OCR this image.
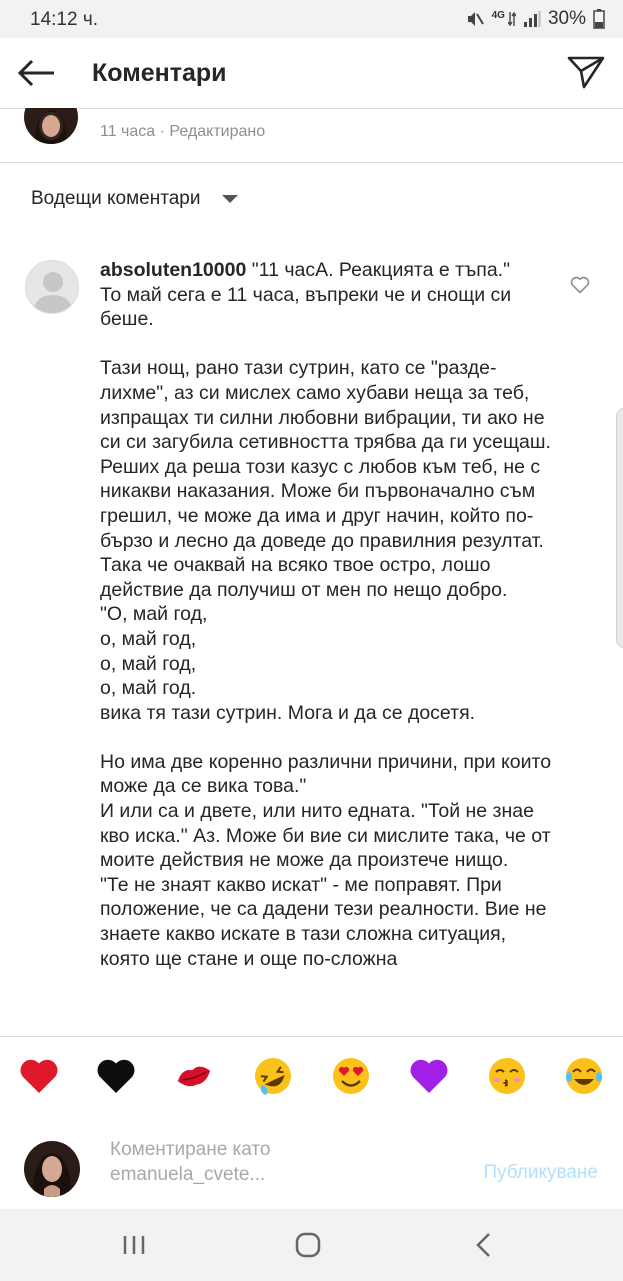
14:12 ч.	4G 30%
Коментари
11 часа · Редактирано
Водещи коментари
absoluten10000 "11 часА. Реакцията е тъпа."
То май сега е 11 часа, въпреки че и снощи си беше.

Тази нощ, рано тази сутрин, като се "разде-лихме", аз си мислех само хубави неща за теб, изпращах ти силни любовни вибрации, ти ако не си си загубила сетивността трябва да ги усещаш.
Реших да реша този казус с любов към теб, не с никакви наказания. Може би първоначално съм грешил, че може да има и друг начин, който по-бързо и лесно да доведе до правилния резултат.
Така че очаквай на всяко твое остро, лошо действие да получиш от мен по нещо добро.
"О, май год,
о, май год,
о, май год,
о, май год.
вика тя тази сутрин. Мога и да се досетя.

Но има две коренно различни причини, при които може да се вика това."
И или са и двете, или нито едната. "Той не знае кво иска." Аз. Може би вие си мислите така, че от моите действия не може да произтече нищо.
"Те не знаят какво искат" - ме поправят. При положение, че са дадени тези реалности. Вие не знаете какво искате в тази сложна ситуация, която ще стане и още по-сложна
Коментиране като
emanuela_cvete...	Публикуване
